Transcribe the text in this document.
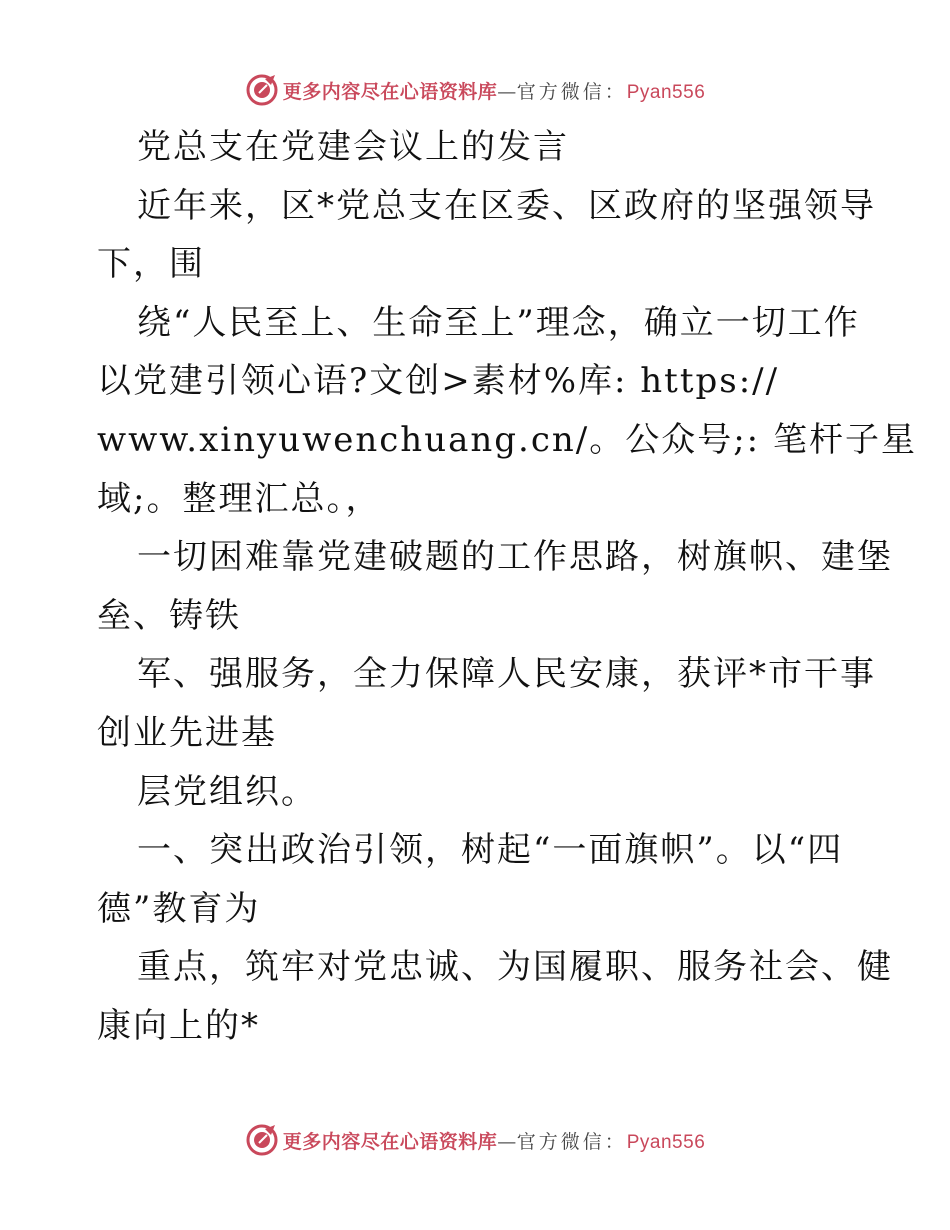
更多内容尽在心语资料库—官方微信：Pyan556
党总支在党建会议上的发言
近年来，区*党总支在区委、区政府的坚强领导
下，围
绕“人民至上、生命至上”理念，确立一切工作
以党建引领心语?文创>素材%库: https://
www.xinyuwenchuang.cn/。公众号;: 笔杆子星
域;。整理汇总。，
一切困难靠党建破题的工作思路，树旗帜、建堡
垒、铸铁
军、强服务，全力保障人民安康，获评*市干事
创业先进基
层党组织。
一、突出政治引领，树起“一面旗帜”。以“四
德”教育为
重点，筑牢对党忠诚、为国履职、服务社会、健
康向上的*
更多内容尽在心语资料库—官方微信：Pyan556
